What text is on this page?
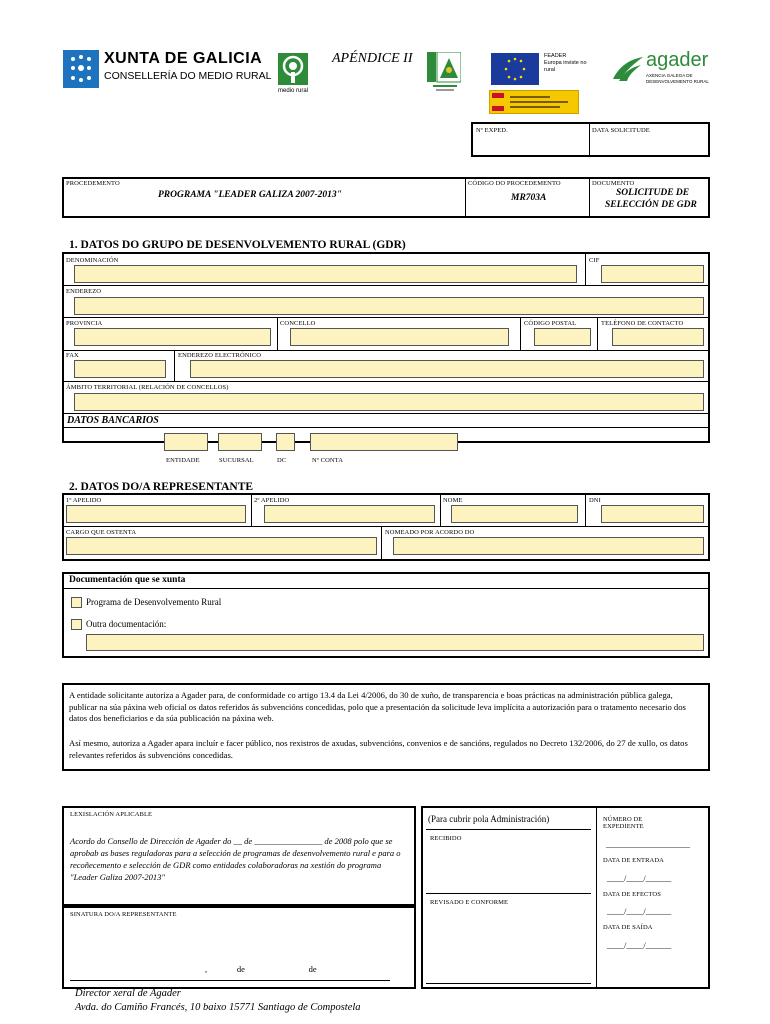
XUNTA DE GALICIA
CONSELLERÍA DO MEDIO RURAL
medio rural
APÉNDICE II	FEADER
Europa inviste no
rural	agader
AXENCIA GALEGA DE
DESENVOLVEMENTO RURAL
Nº EXPED.	DATA SOLICITUDE
PROCEDEMENTO
PROGRAMA "LEADER GALIZA 2007-2013"
CÓDIGO DO PROCEDEMENTO
MR703A
DOCUMENTO
SOLICITUDE DE
SELECCIÓN DE GDR
1. DATOS DO GRUPO DE DESENVOLVEMENTO RURAL (GDR)
DENOMINACIÓN	CIF
ENDEREZO
PROVINCIA	CONCELLO	CÓDIGO POSTAL	TELÉFONO DE CONTACTO
FAX	ENDEREZO ELECTRÓNICO
ÁMBITO TERRITORIAL (RELACIÓN DE CONCELLOS)
DATOS BANCARIOS
ENTIDADE	SUCURSAL	DC	Nº CONTA
2. DATOS DO/A REPRESENTANTE
1º APELIDO	2º APELIDO	NOME	DNI
CARGO QUE OSTENTA	NOMEADO POR ACORDO DO
Documentación que se xunta
Programa de Desenvolvemento Rural
Outra documentación:
A entidade solicitante autoriza a Agader para, de conformidade co artigo 13.4 da Lei 4/2006, do 30 de xuño, de transparencia e boas prácticas na administración pública galega, publicar na súa páxina web oficial os datos referidos ás subvencións concedidas, polo que a presentación da solicitude leva implícita a autorización para o tratamento necesario dos datos dos beneficiarios e da súa publicación na páxina web.
Así mesmo, autoriza a Agader apara incluír e facer público, nos rexistros de axudas, subvencións, convenios e de sancións, regulados no Decreto 132/2006, do 27 de xullo, os datos relevantes referidos ás subvencións concedidas.
LEXISLACIÓN APLICABLE
Acordo do Consello de Dirección de Agader do __ de ________________ de 2008 polo que se aprobab as bases reguladoras para a selección de programas de desenvolvemento rural e para o recoñecemento e selección de GDR como entidades colaboradoras na xestión do programa "Leader Galiza 2007-2013"
SINATURA DO/A REPRESENTANTE
,              de                              de
(Para cubrir pola Administración)
RECIBIDO
REVISADO E CONFORME
NÚMERO DE
EXPEDIENTE
_____________________
DATA DE ENTRADA
____/____/______
DATA DE EFECTOS
____/____/______
DATA DE SAÍDA
____/____/______
Director xeral de Agader
Avda. do Camiño Francés, 10 baixo 15771 Santiago de Compostela
